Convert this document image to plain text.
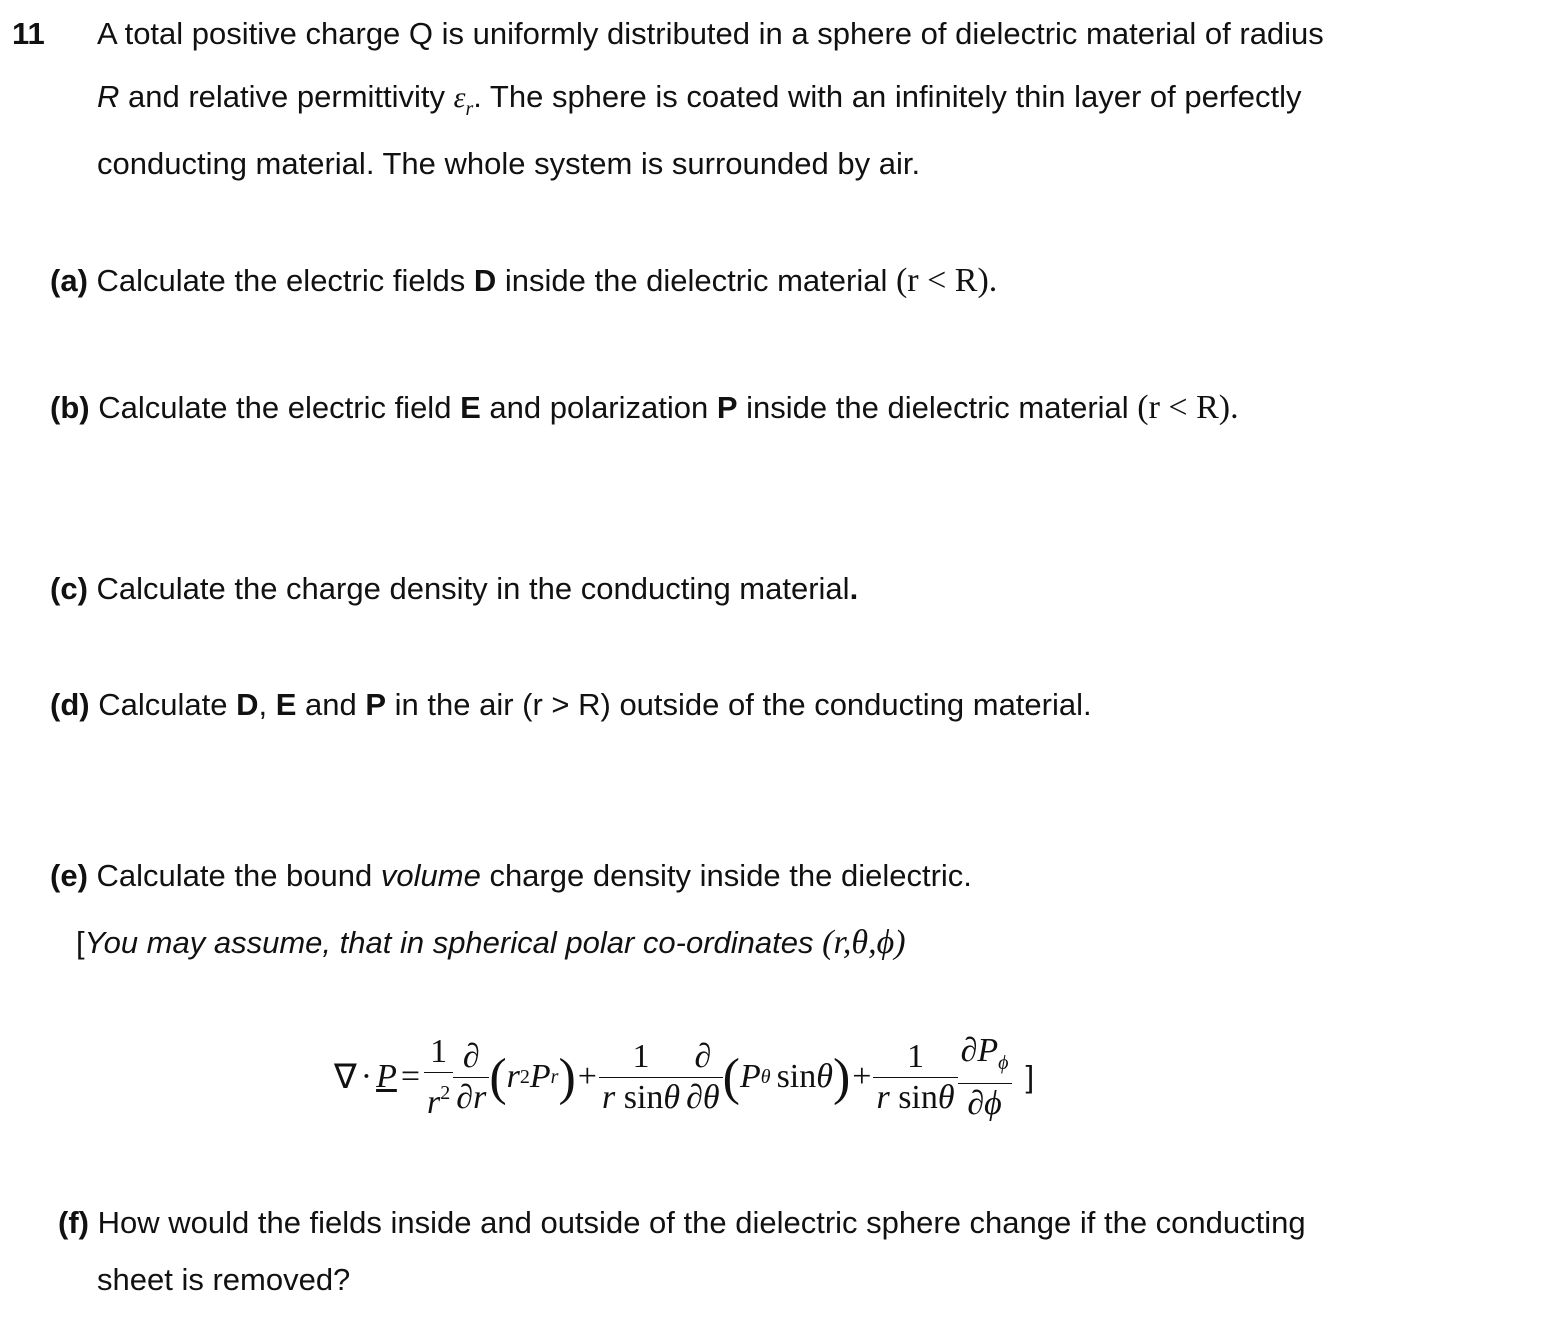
11 A total positive charge Q is uniformly distributed in a sphere of dielectric material of radius
R and relative permittivity $\varepsilon_r$. The sphere is coated with an infinitely thin layer of perfectly
conducting material. The whole system is surrounded by air.
(a) Calculate the electric fields D inside the dielectric material (r < R).
(b) Calculate the electric field E and polarization P inside the dielectric material (r < R).
(c) Calculate the charge density in the conducting material.
(d) Calculate D, E and P in the air (r > R) outside of the conducting material.
(e) Calculate the bound volume charge density inside the dielectric.
[You may assume, that in spherical polar co-ordinates (r,θ,ϕ)
∇ · $P = \frac{1}{r^2} \frac{\partial}{\partial r}$ ( r 2 P r ) + $\frac{1}{\text{r sinθ}} \frac{\partial}{\partial\theta}$ ( P θ sin θ ) + $\frac{1}{\text{r sinθ}} \frac{\partial P_\phi}{\partial\phi}$ ]
(f) How would the fields inside and outside of the dielectric sphere change if the conducting
sheet is removed?
